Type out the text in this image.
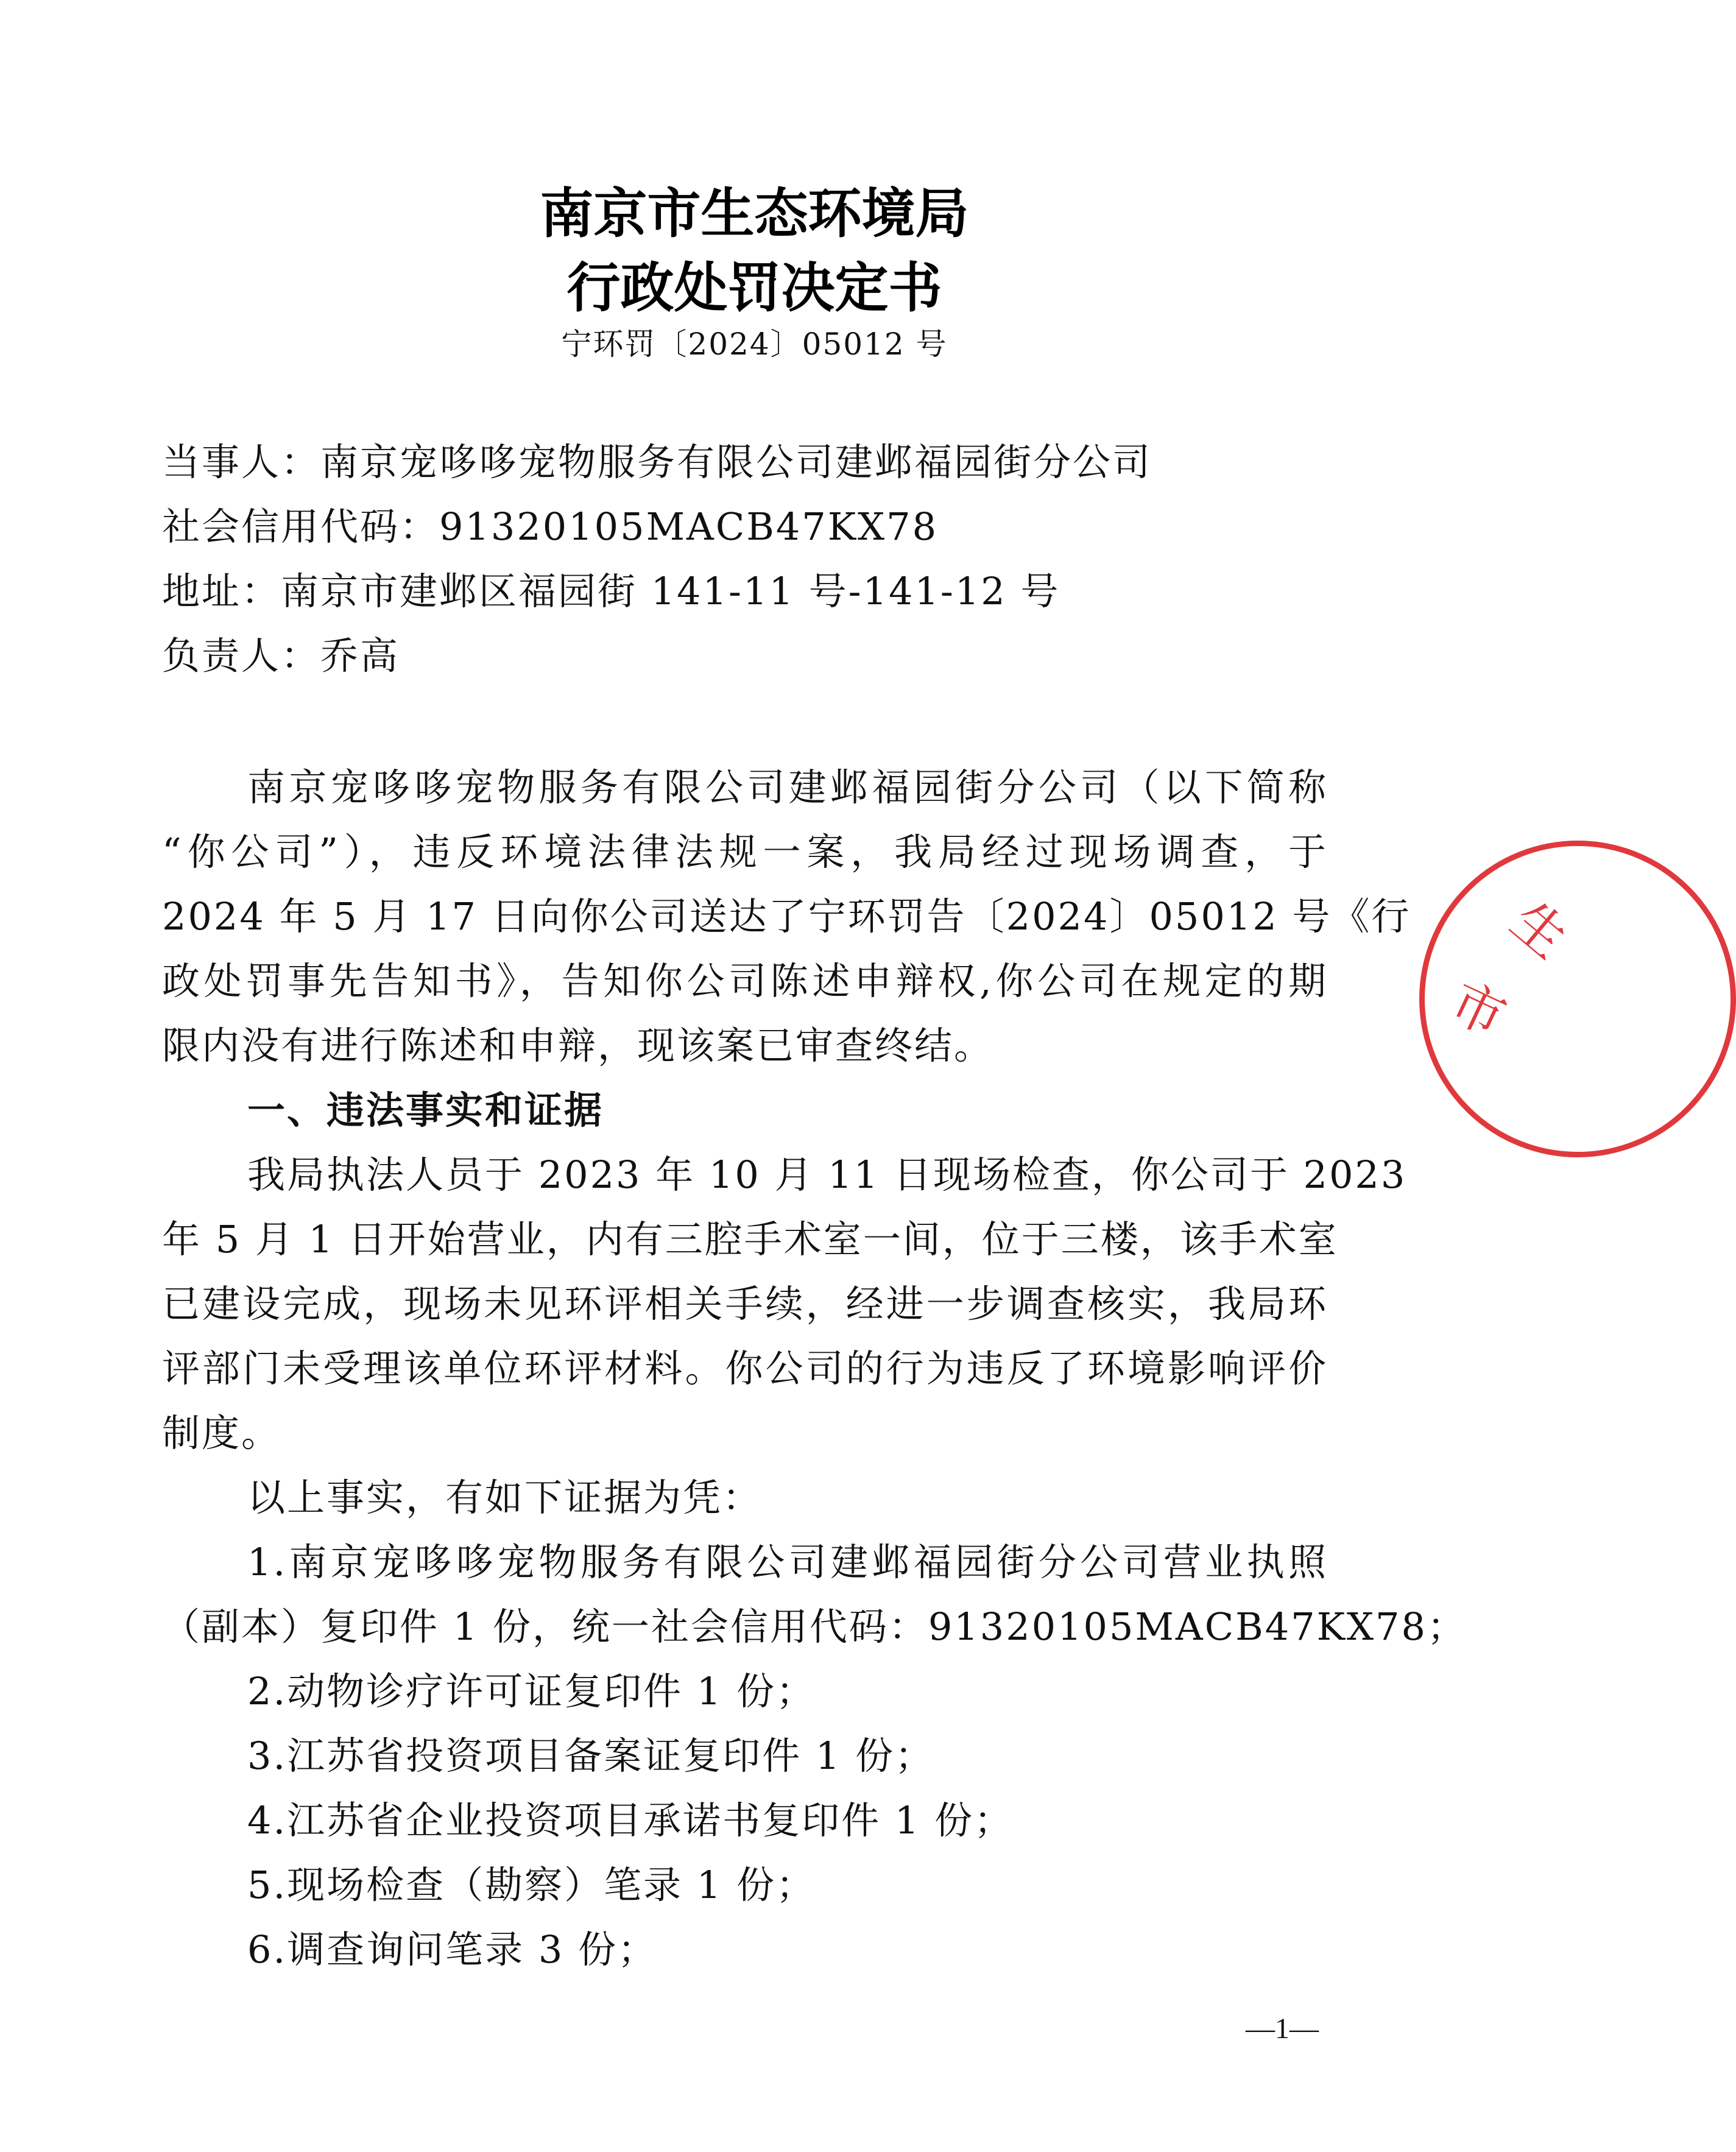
南京市生态环境局
行政处罚决定书
宁环罚〔2024〕05012 号
当事人：南京宠哆哆宠物服务有限公司建邺福园街分公司
社会信用代码：91320105MACB47KX78
地址：南京市建邺区福园街 141-11 号-141-12 号
负责人：乔高
南京宠哆哆宠物服务有限公司建邺福园街分公司（以下简称
“你公司”），违反环境法律法规一案，我局经过现场调查，于
2024 年 5 月 17 日向你公司送达了宁环罚告〔2024〕05012 号《行
政处罚事先告知书》，告知你公司陈述申辩权,你公司在规定的期
限内没有进行陈述和申辩，现该案已审查终结。
一、违法事实和证据
我局执法人员于 2023 年 10 月 11 日现场检查，你公司于 2023
年 5 月 1 日开始营业，内有三腔手术室一间，位于三楼，该手术室
已建设完成，现场未见环评相关手续，经进一步调查核实，我局环
评部门未受理该单位环评材料。你公司的行为违反了环境影响评价
制度。
以上事实，有如下证据为凭：
1.南京宠哆哆宠物服务有限公司建邺福园街分公司营业执照
（副本）复印件 1 份，统一社会信用代码：91320105MACB47KX78；
2.动物诊疗许可证复印件 1 份；
3.江苏省投资项目备案证复印件 1 份；
4.江苏省企业投资项目承诺书复印件 1 份；
5.现场检查（勘察）笔录 1 份；
6.调查询问笔录 3 份；
—1—
生
市
